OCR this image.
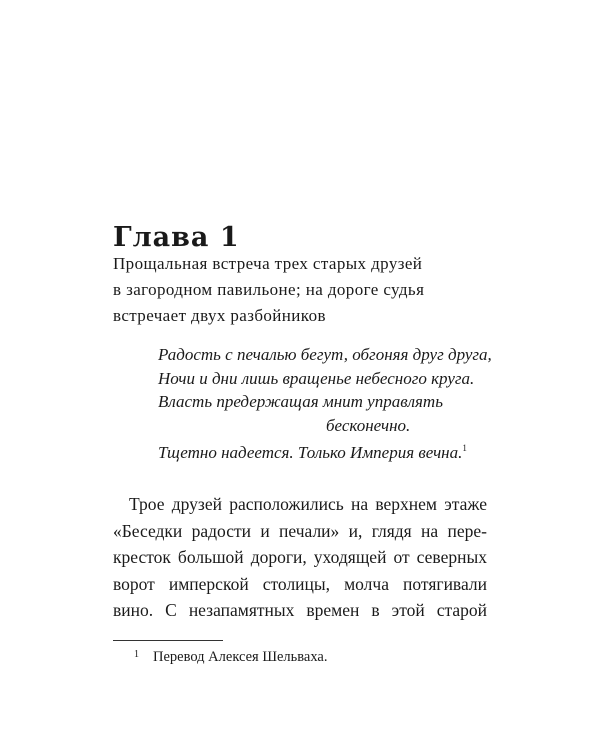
Глава 1
Прощальная встреча трех старых друзей
в загородном павильоне; на дороге судья
встречает двух разбойников
Радость с печалью бегут, обгоняя друг друга,
Ночи и дни лишь вращенье небесного круга.
Власть предержащая мнит управлять
бесконечно.
Тщетно надеется. Только Империя вечна.$^1$
Трое друзей расположились на верхнем этаже
«Беседки радости и печали» и, глядя на пере-
кресток большой дороги, уходящей от северных
ворот имперской столицы, молча потягивали
вино. С незапамятных времен в этой старой
$^1$ Перевод Алексея Шельваха.
